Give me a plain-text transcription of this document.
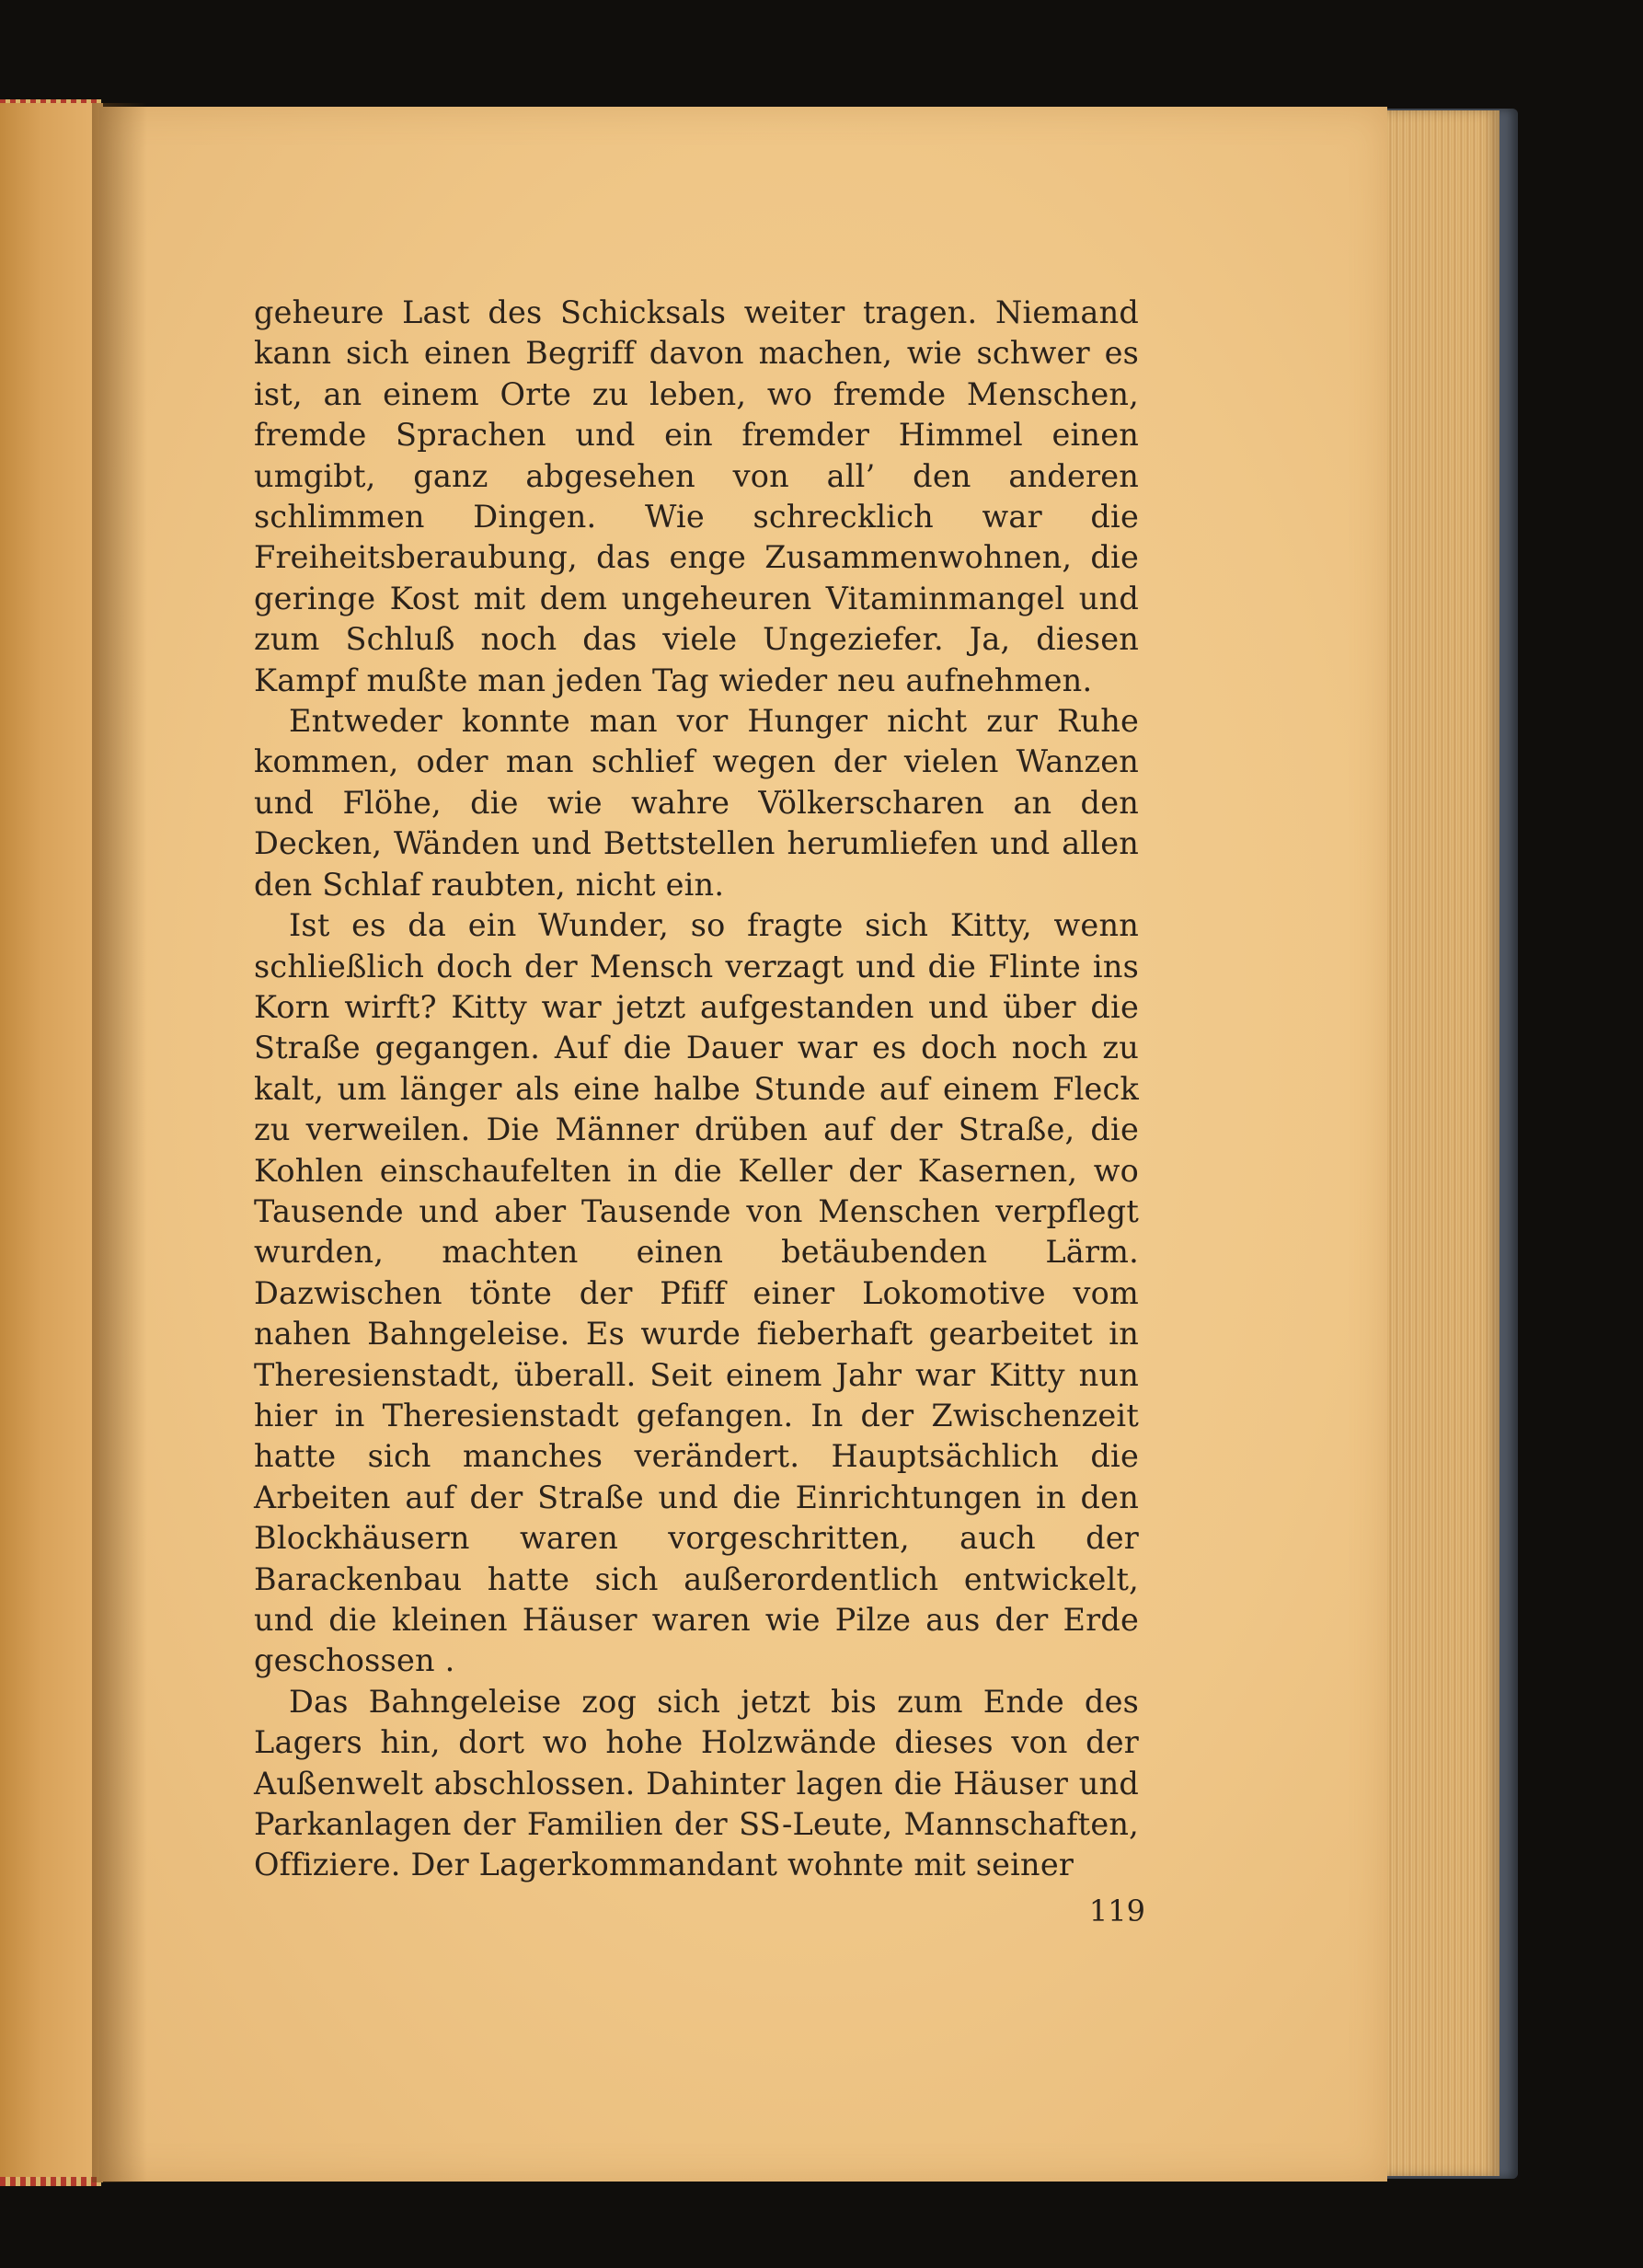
geheure Last des Schicksals weiter tragen. Niemand kann sich einen Begriff davon machen, wie schwer es ist, an einem Orte zu leben, wo fremde Menschen, fremde Sprachen und ein fremder Himmel einen umgibt, ganz abgesehen von all’ den anderen schlimmen Dingen. Wie schrecklich war die Freiheitsberaubung, das enge Zusammenwohnen, die geringe Kost mit dem ungeheuren Vitaminmangel und zum Schluß noch das viele Ungeziefer. Ja, diesen Kampf mußte man jeden Tag wieder neu aufnehmen.

Entweder konnte man vor Hunger nicht zur Ruhe kommen, oder man schlief wegen der vielen Wanzen und Flöhe, die wie wahre Völkerscharen an den Decken, Wänden und Bettstellen herumliefen und allen den Schlaf raubten, nicht ein.

Ist es da ein Wunder, so fragte sich Kitty, wenn schließlich doch der Mensch verzagt und die Flinte ins Korn wirft? Kitty war jetzt aufgestanden und über die Straße gegangen. Auf die Dauer war es doch noch zu kalt, um länger als eine halbe Stunde auf einem Fleck zu verweilen. Die Männer drüben auf der Straße, die Kohlen einschaufelten in die Keller der Kasernen, wo Tausende und aber Tausende von Menschen verpflegt wurden, machten einen betäubenden Lärm. Dazwischen tönte der Pfiff einer Lokomotive vom nahen Bahngeleise. Es wurde fieberhaft gearbeitet in Theresienstadt, überall. Seit einem Jahr war Kitty nun hier in Theresienstadt gefangen. In der Zwischenzeit hatte sich manches verändert. Hauptsächlich die Arbeiten auf der Straße und die Einrichtungen in den Blockhäusern waren vorgeschritten, auch der Barackenbau hatte sich außerordentlich entwickelt, und die kleinen Häuser waren wie Pilze aus der Erde geschossen .

Das Bahngeleise zog sich jetzt bis zum Ende des Lagers hin, dort wo hohe Holzwände dieses von der Außenwelt abschlossen. Dahinter lagen die Häuser und Parkanlagen der Familien der SS-Leute, Mannschaften, Offiziere. Der Lagerkommandant wohnte mit seiner

119
